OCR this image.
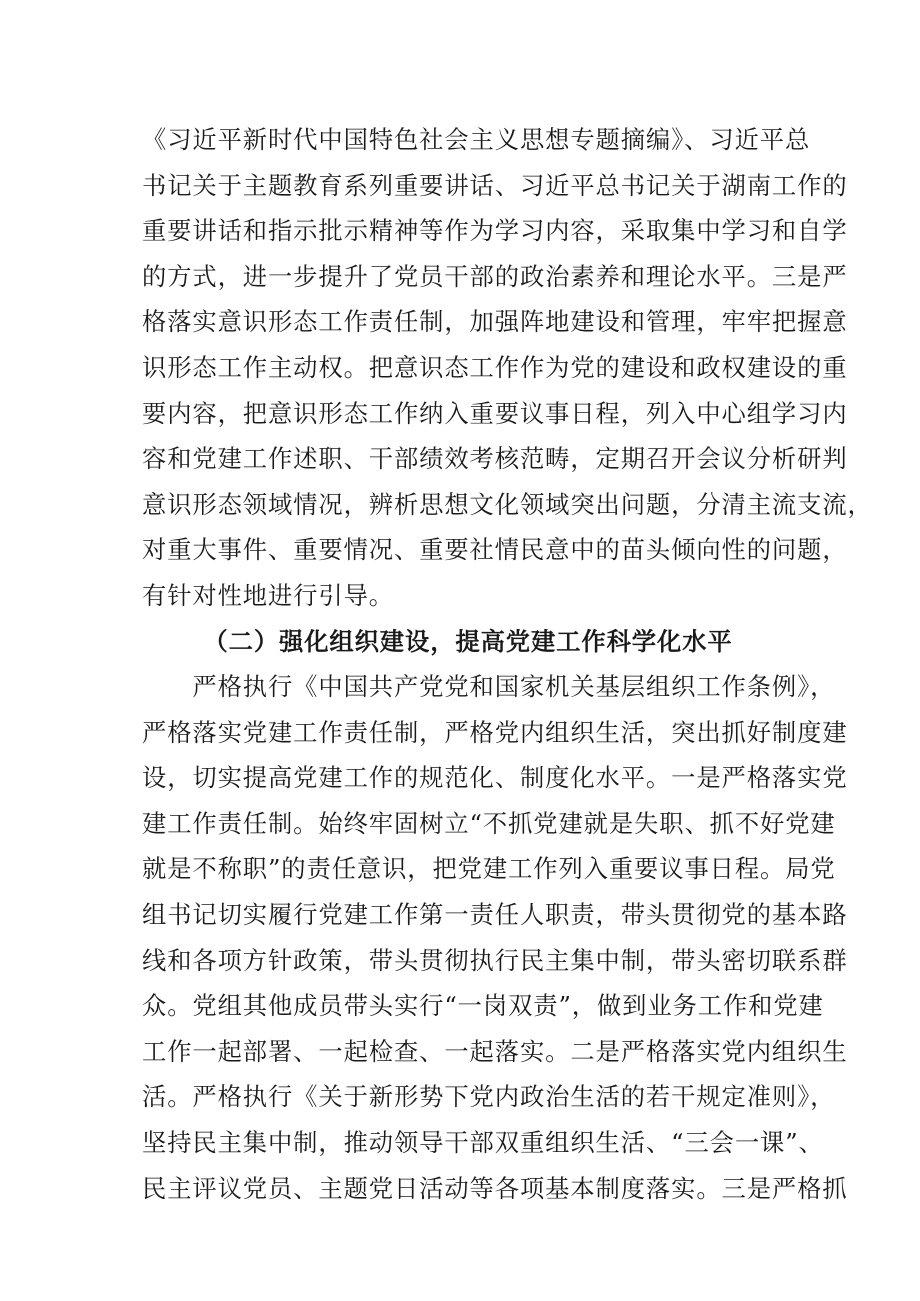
《习近平新时代中国特色社会主义思想专题摘编》、习近平总
书记关于主题教育系列重要讲话、习近平总书记关于湖南工作的
重要讲话和指示批示精神等作为学习内容，采取集中学习和自学
的方式，进一步提升了党员干部的政治素养和理论水平。三是严
格落实意识形态工作责任制，加强阵地建设和管理，牢牢把握意
识形态工作主动权。把意识态工作作为党的建设和政权建设的重
要内容，把意识形态工作纳入重要议事日程，列入中心组学习内
容和党建工作述职、干部绩效考核范畴，定期召开会议分析研判
意识形态领域情况，辨析思想文化领域突出问题，分清主流支流，
对重大事件、重要情况、重要社情民意中的苗头倾向性的问题，
有针对性地进行引导。
（二）强化组织建设，提高党建工作科学化水平
　　严格执行《中国共产党党和国家机关基层组织工作条例》，
严格落实党建工作责任制，严格党内组织生活，突出抓好制度建
设，切实提高党建工作的规范化、制度化水平。一是严格落实党
建工作责任制。始终牢固树立“不抓党建就是失职、抓不好党建
就是不称职”的责任意识，把党建工作列入重要议事日程。局党
组书记切实履行党建工作第一责任人职责，带头贯彻党的基本路
线和各项方针政策，带头贯彻执行民主集中制，带头密切联系群
众。党组其他成员带头实行“一岗双责”，做到业务工作和党建
工作一起部署、一起检查、一起落实。二是严格落实党内组织生
活。严格执行《关于新形势下党内政治生活的若干规定准则》，
坚持民主集中制，推动领导干部双重组织生活、“三会一课”、
民主评议党员、主题党日活动等各项基本制度落实。三是严格抓
